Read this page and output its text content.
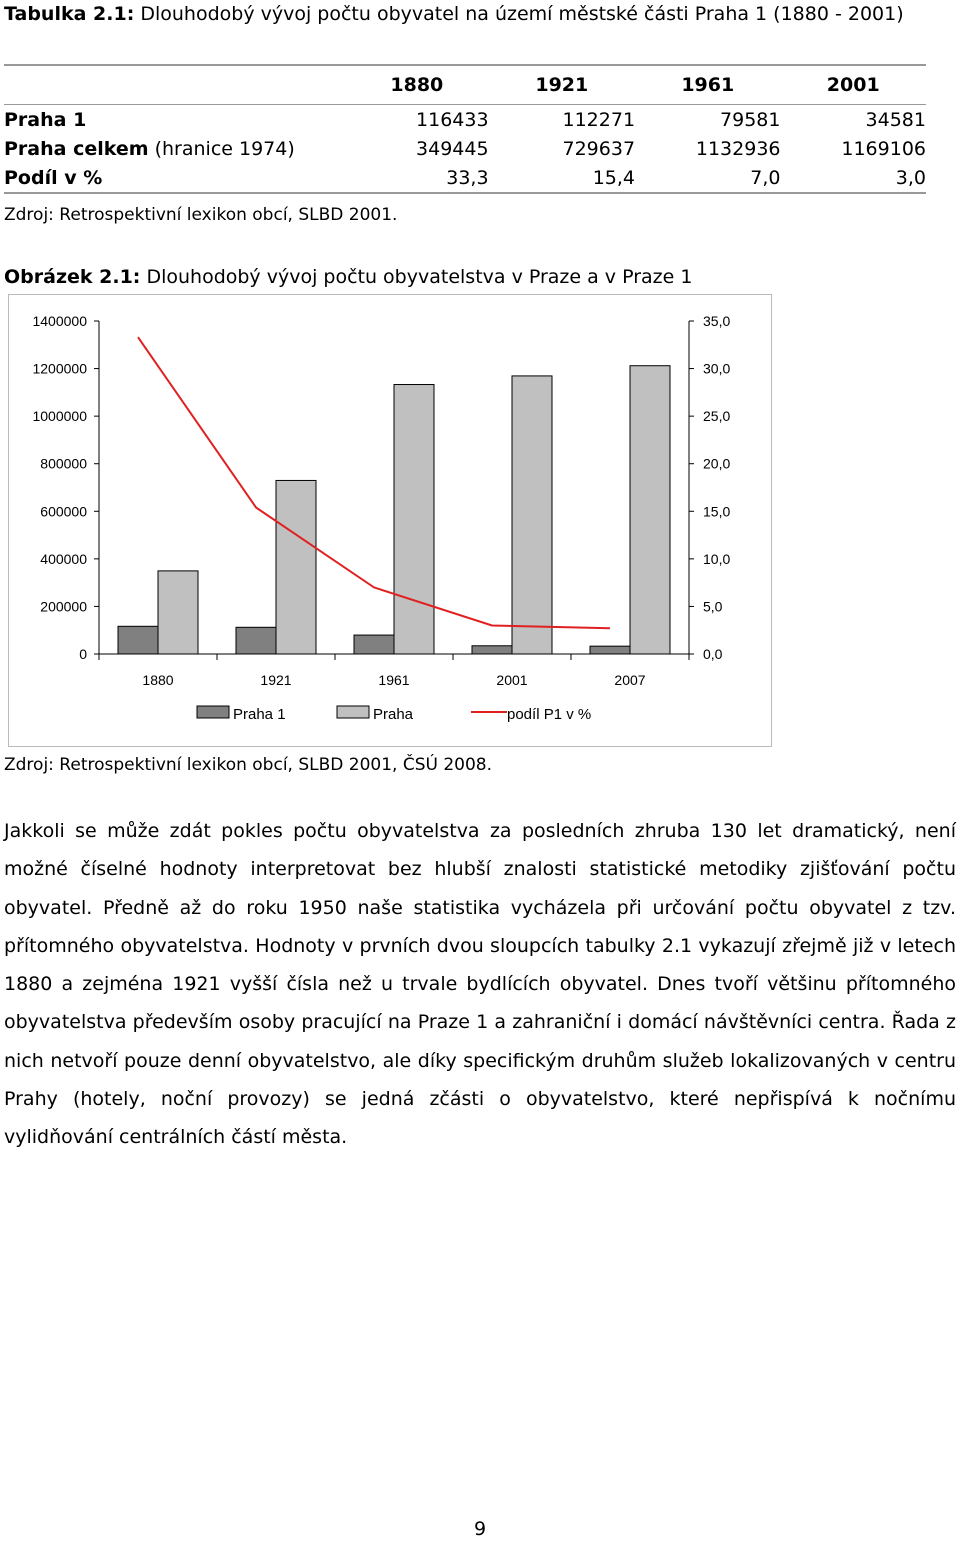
Tabulka 2.1: Dlouhodobý vývoj počtu obyvatel na území městské části Praha 1 (1880 - 2001)
	1880	1921	1961	2001
Praha 1	116433	112271	79581	34581
Praha celkem (hranice 1974)	349445	729637	1132936	1169106
Podíl v %	33,3	15,4	7,0	3,0
Zdroj: Retrospektivní lexikon obcí, SLBD 2001.
Obrázek 2.1: Dlouhodobý vývoj počtu obyvatelstva v Praze a v Praze 1
0
200000
400000
600000
800000
1000000
1200000
1400000
0,0
5,0
10,0
15,0
20,0
25,0
30,0
35,0
1880	1921	1961	2001	2007
Praha 1	Praha	podíl P1 v %
Zdroj: Retrospektivní lexikon obcí, SLBD 2001, ČSÚ 2008.
Jakkoli se může zdát pokles počtu obyvatelstva za posledních zhruba 130 let dramatický, není možné číselné hodnoty interpretovat bez hlubší znalosti statistické metodiky zjišťování počtu obyvatel. Předně až do roku 1950 naše statistika vycházela při určování počtu obyvatel z tzv. přítomného obyvatelstva. Hodnoty v prvních dvou sloupcích tabulky 2.1 vykazují zřejmě již v letech 1880 a zejména 1921 vyšší čísla než u trvale bydlících obyvatel. Dnes tvoří většinu přítomného obyvatelstva především osoby pracující na Praze 1 a zahraniční i domácí návštěvníci centra. Řada z nich netvoří pouze denní obyvatelstvo, ale díky specifickým druhům služeb lokalizovaných v centru Prahy (hotely, noční provozy) se jedná zčásti o obyvatelstvo, které nepřispívá k nočnímu vylidňování centrálních částí města.
9
